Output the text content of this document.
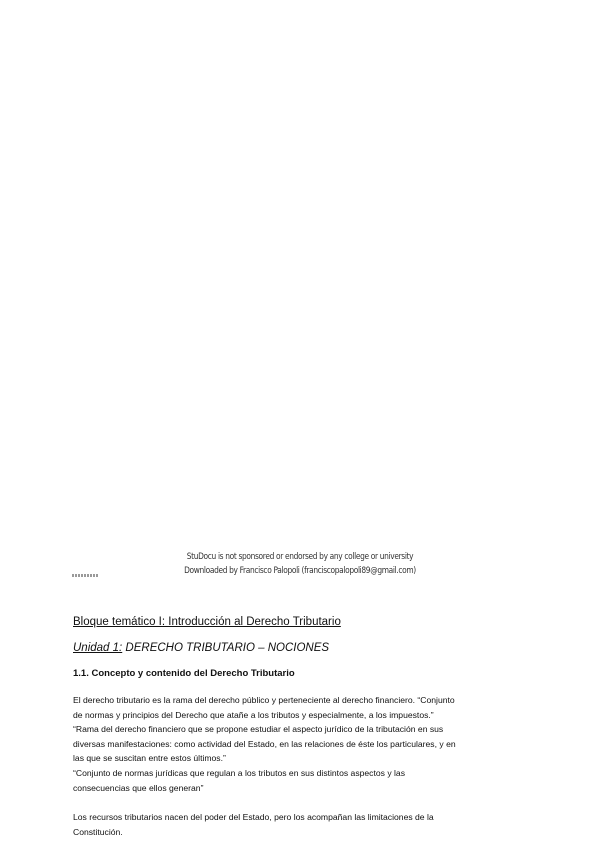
StuDocu is not sponsored or endorsed by any college or university
Downloaded by Francisco Palopoli (franciscopalopoli89@gmail.com)

Bloque temático I: Introducción al Derecho Tributario

Unidad 1: DERECHO TRIBUTARIO – NOCIONES

1.1. Concepto y contenido del Derecho Tributario

El derecho tributario es la rama del derecho público y perteneciente al derecho financiero. “Conjunto
de normas y principios del Derecho que atañe a los tributos y especialmente, a los impuestos.”
“Rama del derecho financiero que se propone estudiar el aspecto jurídico de la tributación en sus
diversas manifestaciones: como actividad del Estado, en las relaciones de éste los particulares, y en
las que se suscitan entre estos últimos.”
“Conjunto de normas jurídicas que regulan a los tributos en sus distintos aspectos y las
consecuencias que ellos generan”

Los recursos tributarios nacen del poder del Estado, pero los acompañan las limitaciones de la
Constitución.
